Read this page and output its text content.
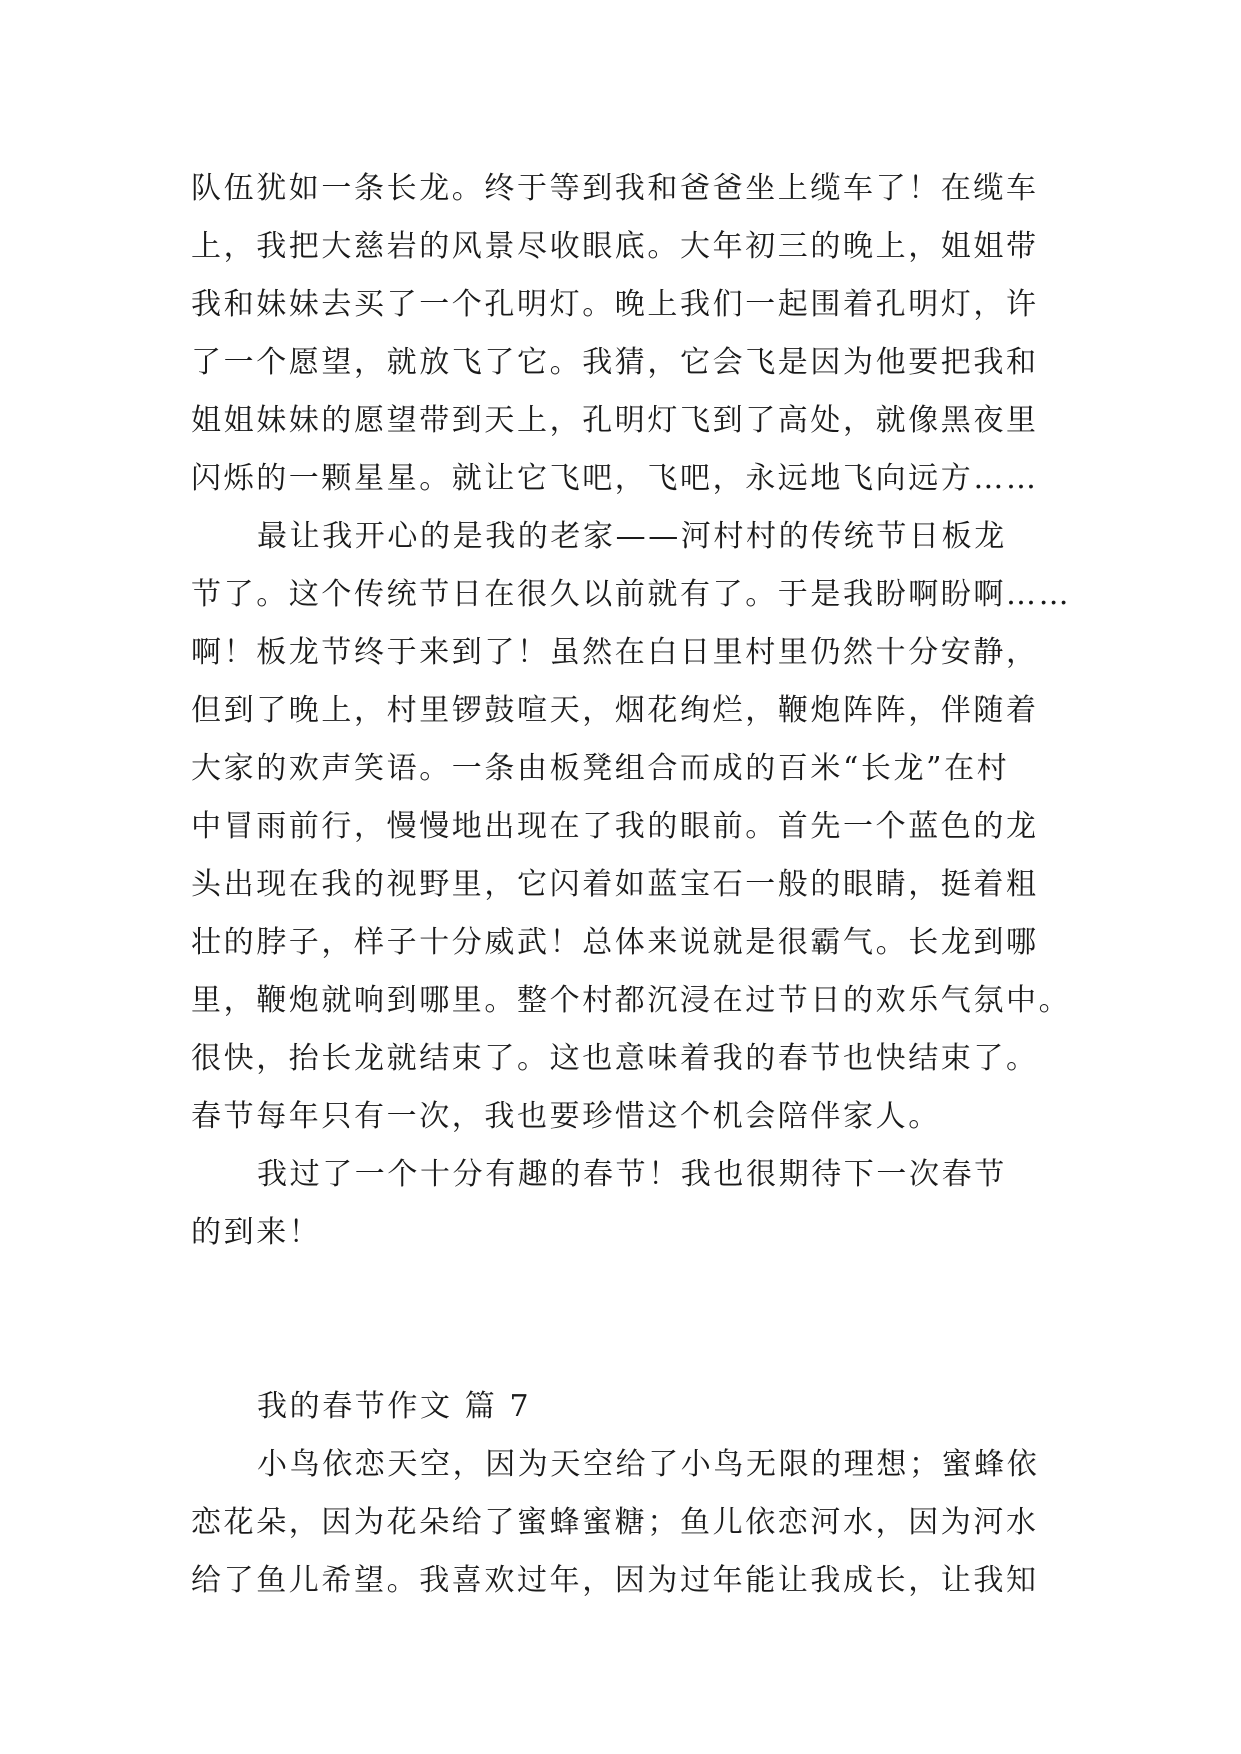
队伍犹如一条长龙。终于等到我和爸爸坐上缆车了！在缆车
上，我把大慈岩的风景尽收眼底。大年初三的晚上，姐姐带
我和妹妹去买了一个孔明灯。晚上我们一起围着孔明灯，许
了一个愿望，就放飞了它。我猜，它会飞是因为他要把我和
姐姐妹妹的愿望带到天上，孔明灯飞到了高处，就像黑夜里
闪烁的一颗星星。就让它飞吧，飞吧，永远地飞向远方……
最让我开心的是我的老家——河村村的传统节日板龙
节了。这个传统节日在很久以前就有了。于是我盼啊盼啊……
啊！板龙节终于来到了！虽然在白日里村里仍然十分安静，
但到了晚上，村里锣鼓喧天，烟花绚烂，鞭炮阵阵，伴随着
大家的欢声笑语。一条由板凳组合而成的百米“长龙”在村
中冒雨前行，慢慢地出现在了我的眼前。首先一个蓝色的龙
头出现在我的视野里，它闪着如蓝宝石一般的眼睛，挺着粗
壮的脖子，样子十分威武！总体来说就是很霸气。长龙到哪
里，鞭炮就响到哪里。整个村都沉浸在过节日的欢乐气氛中。
很快，抬长龙就结束了。这也意味着我的春节也快结束了。
春节每年只有一次，我也要珍惜这个机会陪伴家人。
我过了一个十分有趣的春节！我也很期待下一次春节
的到来！
我的春节作文 篇 7
小鸟依恋天空，因为天空给了小鸟无限的理想；蜜蜂依
恋花朵，因为花朵给了蜜蜂蜜糖；鱼儿依恋河水，因为河水
给了鱼儿希望。我喜欢过年，因为过年能让我成长，让我知
